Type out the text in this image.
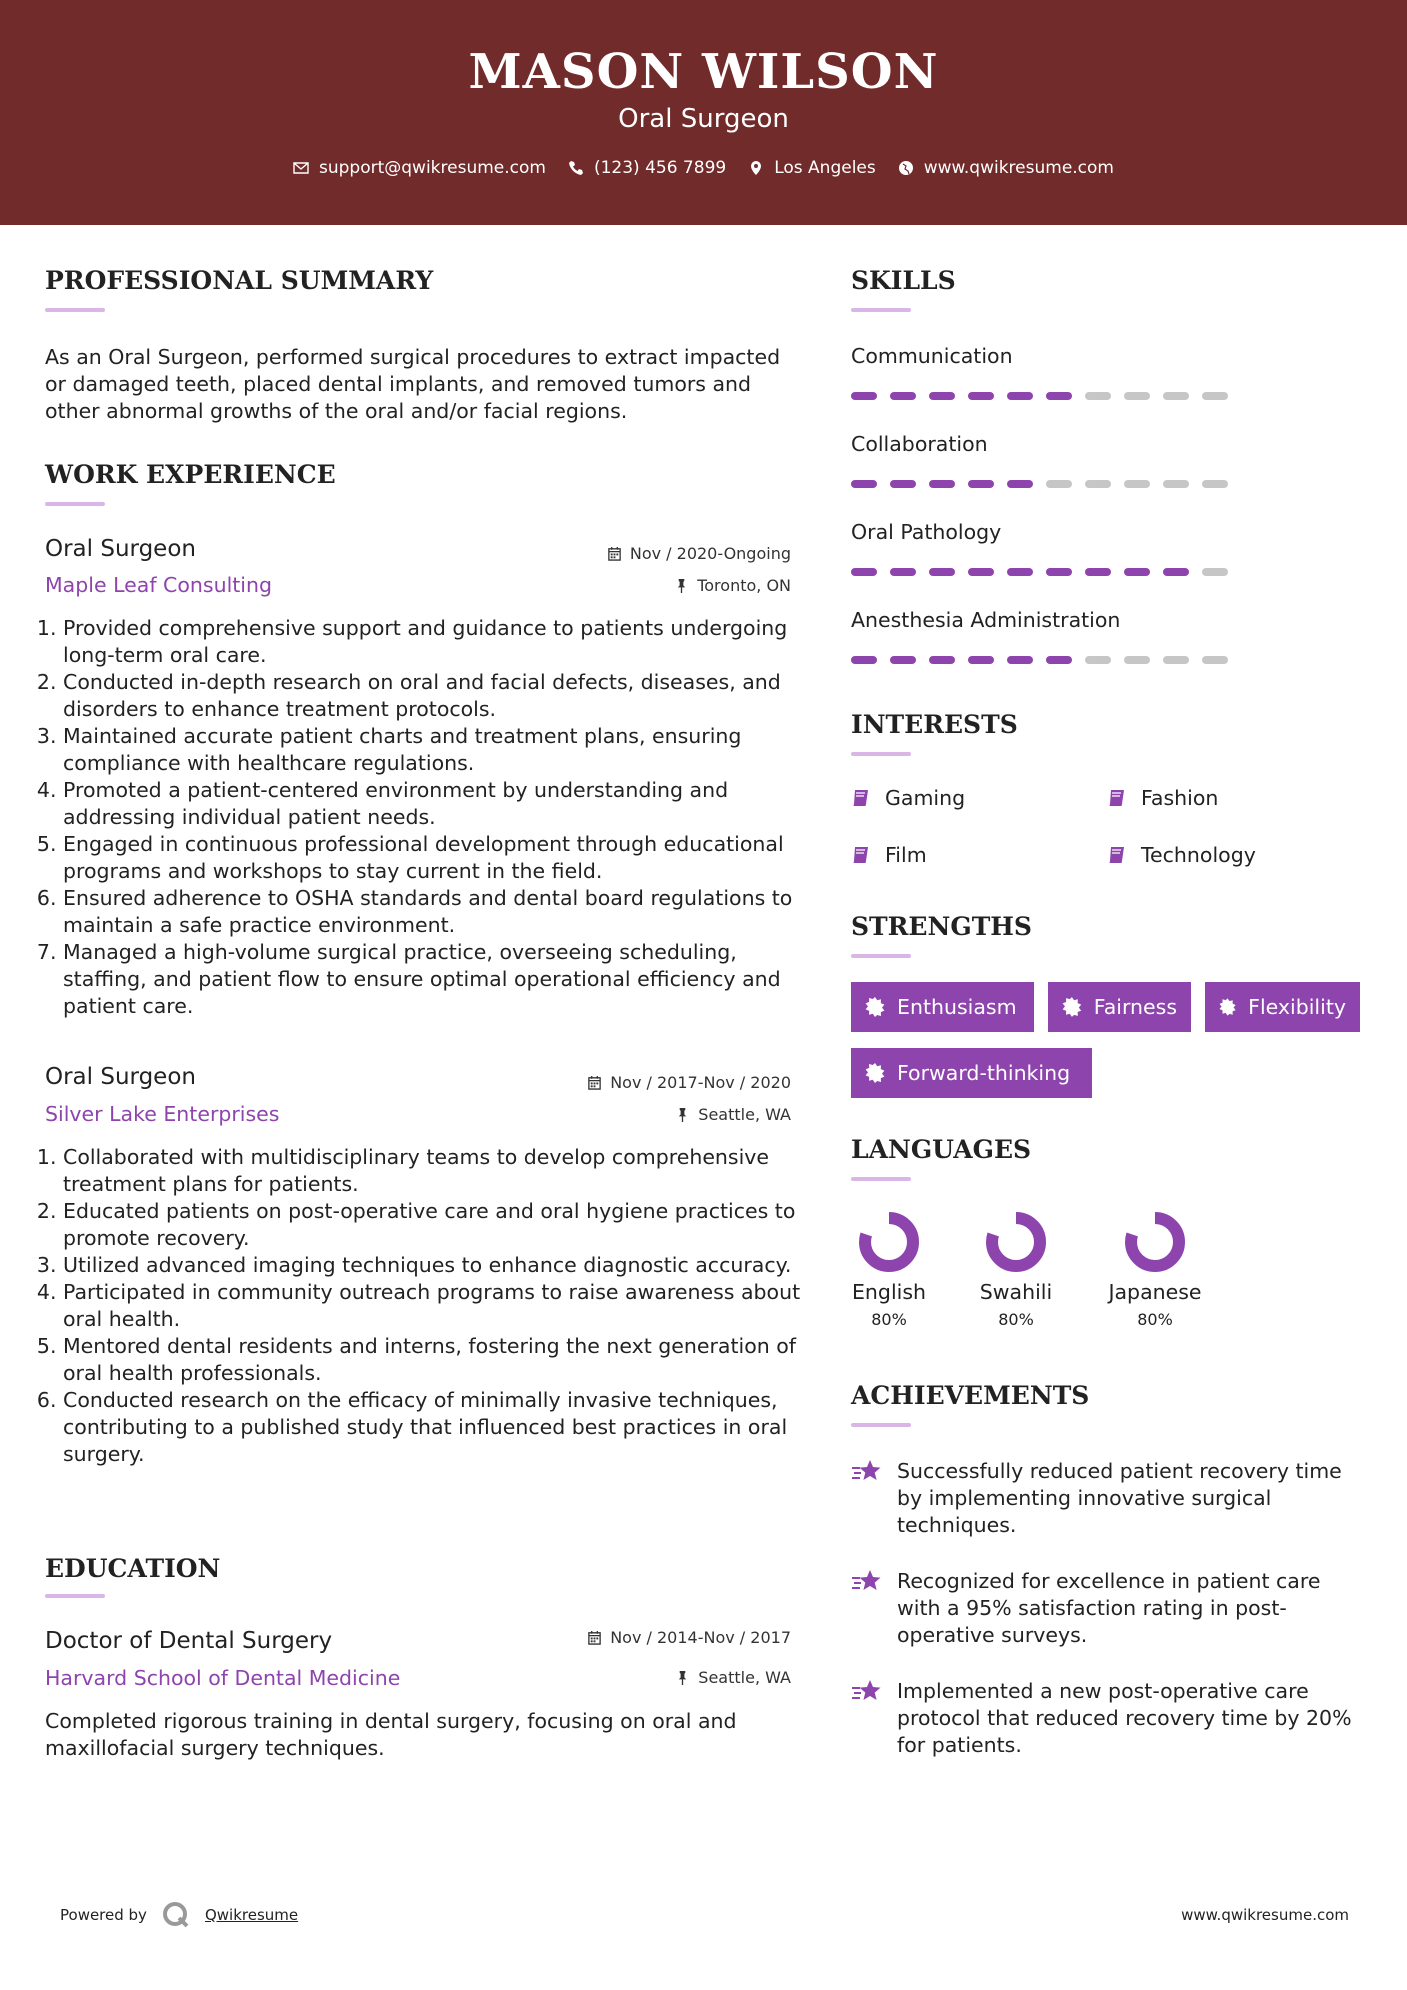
MASON WILSON
Oral Surgeon
support@qwikresume.com	(123) 456 7899	Los Angeles	www.qwikresume.com
PROFESSIONAL SUMMARY
As an Oral Surgeon, performed surgical procedures to extract impacted or damaged teeth, placed dental implants, and removed tumors and other abnormal growths of the oral and/or facial regions.
WORK EXPERIENCE
Oral Surgeon
Maple Leaf Consulting
Nov / 2020-Ongoing
Toronto, ON
1. Provided comprehensive support and guidance to patients undergoing long-term oral care.
2. Conducted in-depth research on oral and facial defects, diseases, and disorders to enhance treatment protocols.
3. Maintained accurate patient charts and treatment plans, ensuring compliance with healthcare regulations.
4. Promoted a patient-centered environment by understanding and addressing individual patient needs.
5. Engaged in continuous professional development through educational programs and workshops to stay current in the field.
6. Ensured adherence to OSHA standards and dental board regulations to maintain a safe practice environment.
7. Managed a high-volume surgical practice, overseeing scheduling, staffing, and patient flow to ensure optimal operational efficiency and patient care.
Oral Surgeon
Silver Lake Enterprises
Nov / 2017-Nov / 2020
Seattle, WA
1. Collaborated with multidisciplinary teams to develop comprehensive treatment plans for patients.
2. Educated patients on post-operative care and oral hygiene practices to promote recovery.
3. Utilized advanced imaging techniques to enhance diagnostic accuracy.
4. Participated in community outreach programs to raise awareness about oral health.
5. Mentored dental residents and interns, fostering the next generation of oral health professionals.
6. Conducted research on the efficacy of minimally invasive techniques, contributing to a published study that influenced best practices in oral surgery.
EDUCATION
Doctor of Dental Surgery
Harvard School of Dental Medicine
Nov / 2014-Nov / 2017
Seattle, WA
Completed rigorous training in dental surgery, focusing on oral and maxillofacial surgery techniques.
SKILLS
Communication
Collaboration
Oral Pathology
Anesthesia Administration
INTERESTS
Gaming	Fashion
Film	Technology
STRENGTHS
Enthusiasm	Fairness	Flexibility
Forward-thinking
LANGUAGES
English
80%
Swahili
80%
Japanese
80%
ACHIEVEMENTS
Successfully reduced patient recovery time by implementing innovative surgical techniques.
Recognized for excellence in patient care with a 95% satisfaction rating in post-operative surveys.
Implemented a new post-operative care protocol that reduced recovery time by 20% for patients.
Powered by	Qwikresume	www.qwikresume.com
